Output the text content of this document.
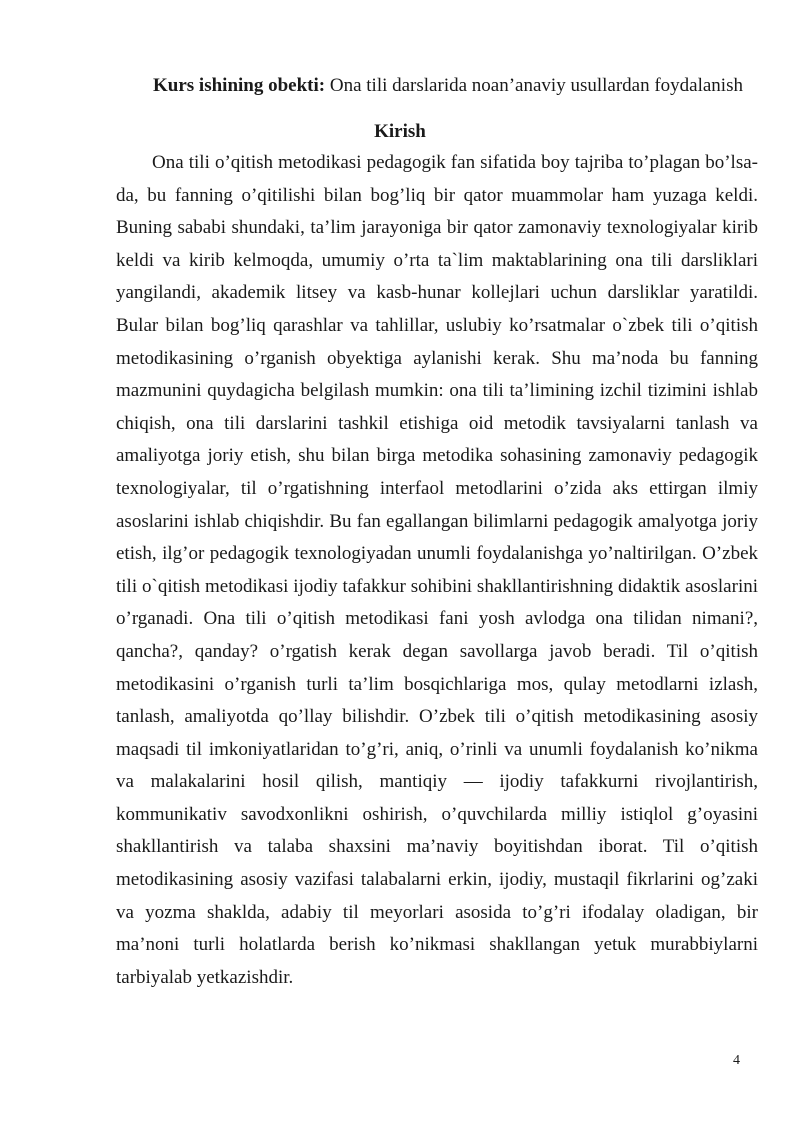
Kurs ishining obekti: Ona tili darslarida noan’anaviy usullardan foydalanish
Kirish

Ona tili o’qitish metodikasi pedagogik fan sifatida boy tajriba to’plagan bo’lsa-da, bu fanning o’qitilishi bilan bog’liq bir qator muammolar ham yuzaga keldi. Buning sababi shundaki, ta’lim jarayoniga bir qator zamonaviy texnologiyalar kirib keldi va kirib kelmoqda, umumiy o’rta ta`lim maktablarining ona tili darsliklari yangilandi, akademik litsey va kasb-hunar kollejlari uchun darsliklar yaratildi. Bular bilan bog’liq qarashlar va tahlillar, uslubiy ko’rsatmalar o`zbek tili o’qitish metodikasining o’rganish obyektiga aylanishi kerak. Shu ma’noda bu fanning mazmunini quydagicha belgilash mumkin: ona tili ta’limining izchil tizimini ishlab chiqish, ona tili darslarini tashkil etishiga oid metodik tavsiyalarni tanlash va amaliyotga joriy etish, shu bilan birga metodika sohasining zamonaviy pedagogik texnologiyalar, til o’rgatishning interfaol metodlarini o’zida aks ettirgan ilmiy asoslarini ishlab chiqishdir. Bu fan egallangan bilimlarni pedagogik amalyotga joriy etish, ilg’or pedagogik texnologiyadan unumli foydalanishga yo’naltirilgan. O’zbek tili o`qitish metodikasi ijodiy tafakkur sohibini shakllantirishning didaktik asoslarini o’rganadi. Ona tili o’qitish metodikasi fani yosh avlodga ona tilidan nimani?, qancha?, qanday? o’rgatish kerak degan savollarga javob beradi. Til o’qitish metodikasini o’rganish turli ta’lim bosqichlariga mos, qulay metodlarni izlash, tanlash, amaliyotda qo’llay bilishdir. O’zbek tili o’qitish metodikasining asosiy maqsadi til imkoniyatlaridan to’g’ri, aniq, o’rinli va unumli foydalanish ko’nikma va malakalarini hosil qilish, mantiqiy — ijodiy tafakkurni rivojlantirish, kommunikativ savodxonlikni oshirish, o’quvchilarda milliy istiqlol g’oyasini shakllantirish va talaba shaxsini ma’naviy boyitishdan iborat. Til o’qitish metodikasining asosiy vazifasi talabalarni erkin, ijodiy, mustaqil fikrlarini og’zaki va yozma shaklda, adabiy til meyorlari asosida to’g’ri ifodalay oladigan, bir ma’noni turli holatlarda berish ko’nikmasi shakllangan yetuk murabbiylarni tarbiyalab yetkazishdir.

4
